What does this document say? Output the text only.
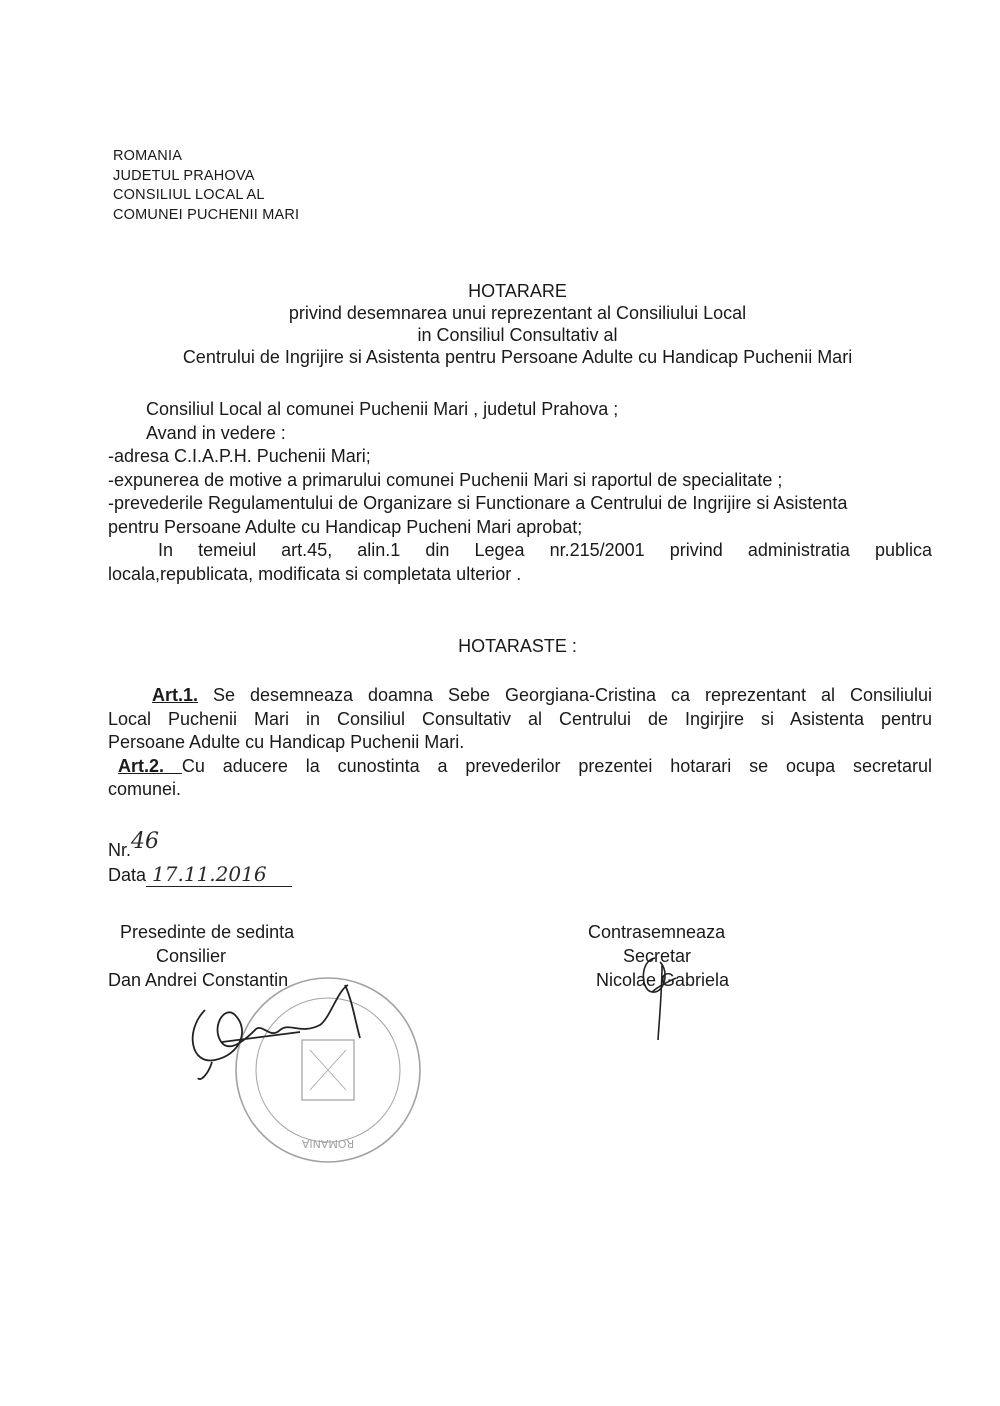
ROMANIA
JUDETUL PRAHOVA
CONSILIUL LOCAL AL
COMUNEI PUCHENII MARI
HOTARARE
privind desemnarea unui reprezentant al Consiliului Local
in Consiliul Consultativ al
Centrului de Ingrijire si Asistenta pentru Persoane Adulte cu Handicap Puchenii Mari
Consiliul Local al comunei Puchenii Mari , judetul Prahova ;
Avand in vedere :
-adresa C.I.A.P.H. Puchenii Mari;
-expunerea de motive a primarului comunei Puchenii Mari si raportul de specialitate ;
-prevederile Regulamentului de Organizare si Functionare a Centrului de Ingrijire si Asistenta
pentru Persoane Adulte cu Handicap Pucheni Mari aprobat;
In temeiul art.45, alin.1 din Legea nr.215/2001 privind administratia publica
locala,republicata, modificata si completata ulterior .
HOTARASTE :
Art.1. Se desemneaza doamna Sebe Georgiana-Cristina ca reprezentant al Consiliului
Local Puchenii Mari in Consiliul Consultativ al Centrului de Ingirjire si Asistenta pentru
Persoane Adulte cu Handicap Puchenii Mari.
Art.2. Cu aducere la cunostinta a prevederilor prezentei hotarari se ocupa secretarul
comunei.
Nr.46
Data 17.11.2016
Presedinte de sedinta
Consilier
Dan Andrei Constantin
Contrasemneaza
Secretar
Nicolae Gabriela
ROMANIA
